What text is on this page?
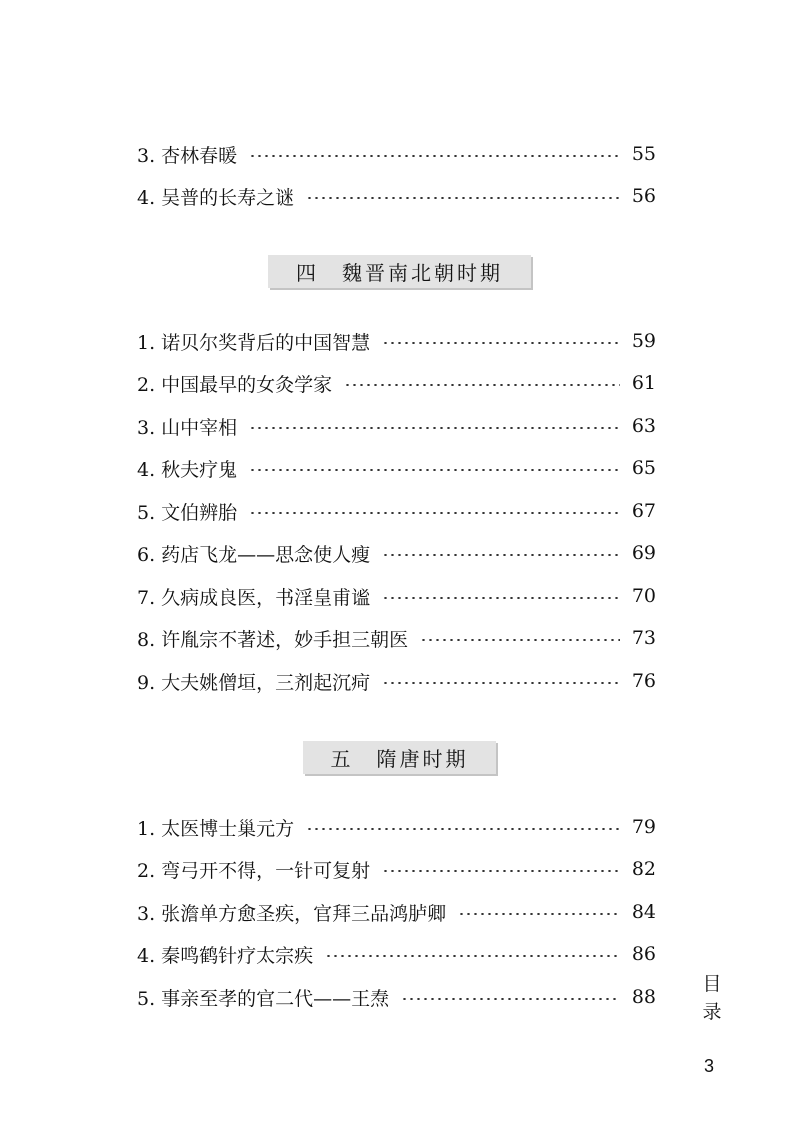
3. 杏林春暖	55
4. 吴普的长寿之谜	56
四　魏晋南北朝时期
1. 诺贝尔奖背后的中国智慧	59
2. 中国最早的女灸学家	61
3. 山中宰相	63
4. 秋夫疗鬼	65
5. 文伯辨胎	67
6. 药店飞龙——思念使人瘦	69
7. 久病成良医，书淫皇甫谧	70
8. 许胤宗不著述，妙手担三朝医	73
9. 大夫姚僧垣，三剂起沉疴	76
五　隋唐时期
1. 太医博士巢元方	79
2. 弯弓开不得，一针可复射	82
3. 张澹单方愈圣疾，官拜三品鸿胪卿	84
4. 秦鸣鹤针疗太宗疾	86
5. 事亲至孝的官二代——王焘	88
目录
3
